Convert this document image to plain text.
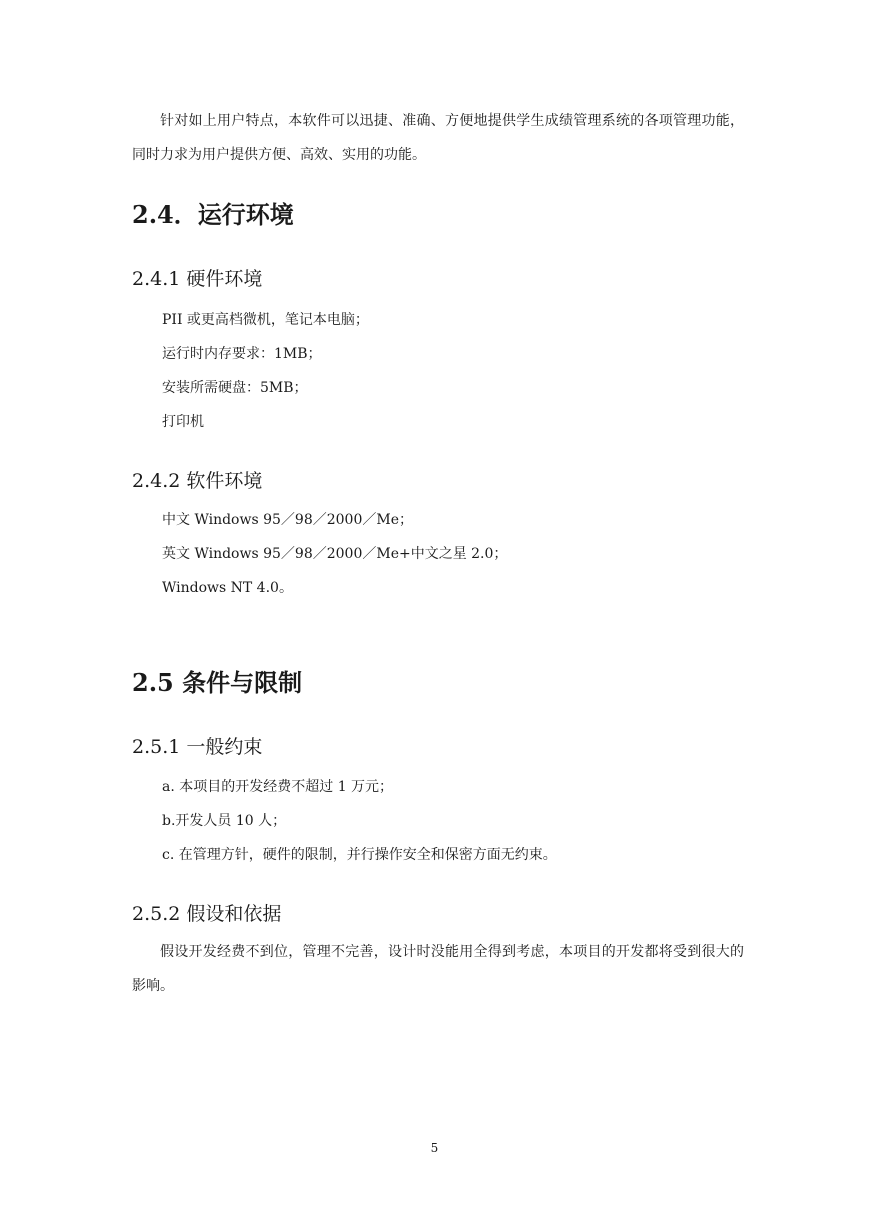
针对如上用户特点，本软件可以迅捷、准确、方便地提供学生成绩管理系统的各项管理功能，同时力求为用户提供方便、高效、实用的功能。

2.4．运行环境
2.4.1 硬件环境
PII 或更高档微机，笔记本电脑；
运行时内存要求：1MB；
安装所需硬盘：5MB；
打印机
2.4.2 软件环境
中文 Windows 95／98／2000／Me；
英文 Windows 95／98／2000／Me+中文之星 2.0；
Windows NT 4.0。
2.5 条件与限制
2.5.1 一般约束
a. 本项目的开发经费不超过 1 万元；
b.开发人员 10 人；
c. 在管理方针，硬件的限制，并行操作安全和保密方面无约束。
2.5.2 假设和依据

假设开发经费不到位，管理不完善，设计时没能用全得到考虑，本项目的开发都将受到很大的影响。

5
